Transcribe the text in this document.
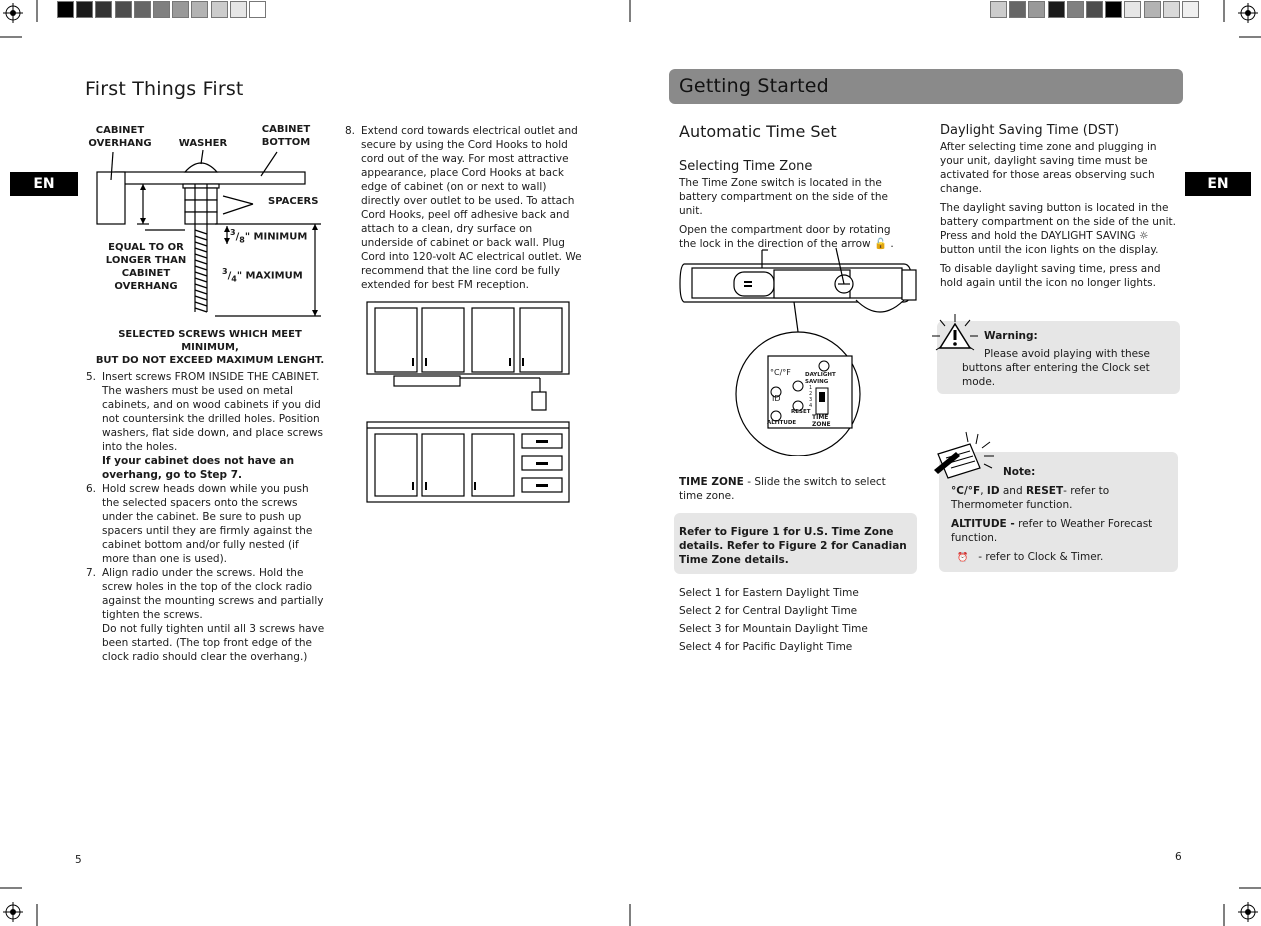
First Things First
EN
CABINET
OVERHANG	WASHER
CABINET
BOTTOM
SPACERS
EQUAL TO OR
LONGER THAN
CABINET
OVERHANG
$^3/_8$" MINIMUM
$^3/_4$" MAXIMUM
SELECTED SCREWS WHICH MEET MINIMUM,
BUT DO NOT EXCEED MAXIMUM LENGHT.
5. Insert screws FROM INSIDE THE CABINET. The washers must be used on metal cabinets, and on wood cabinets if you did not countersink the drilled holes. Position washers, flat side down, and place screws into the holes.
If your cabinet does not have an overhang, go to Step 7.
6. Hold screw heads down while you push the selected spacers onto the screws under the cabinet. Be sure to push up spacers until they are firmly against the cabinet bottom and/or fully nested (if more than one is used).
7. Align radio under the screws. Hold the screw holes in the top of the clock radio against the mounting screws and partially tighten the screws.
Do not fully tighten until all 3 screws have been started. (The top front edge of the clock radio should clear the overhang.)
8. Extend cord towards electrical outlet and secure by using the Cord Hooks to hold cord out of the way. For most attractive appearance, place Cord Hooks at back edge of cabinet (on or next to wall) directly over outlet to be used. To attach Cord Hooks, peel off adhesive back and attach to a clean, dry surface on underside of cabinet or back wall. Plug Cord into 120-volt AC electrical outlet. We recommend that the line cord be fully extended for best FM reception.
5
Getting Started
EN
Automatic Time Set
Selecting Time Zone

The Time Zone switch is located in the battery compartment on the side of the unit.

Open the compartment door by rotating the lock in the direction of the arrow 🔓 .

°C/°F	DAYLIGHT
SAVING
ID
RESET
ALTITUDE
TIME
ZONE
1
2
3
4
TIME ZONE - Slide the switch to select time zone.
Refer to Figure 1 for U.S. Time Zone details. Refer to Figure 2 for Canadian Time Zone details.
Select 1 for Eastern Daylight Time
Select 2 for Central Daylight Time
Select 3 for Mountain Daylight Time
Select 4 for Pacific Daylight Time
Daylight Saving Time (DST)

After selecting time zone and plugging in your unit, daylight saving time must be activated for those areas observing such change.

The daylight saving button is located in the battery compartment on the side of the unit. Press and hold the DAYLIGHT SAVING ☼ button until the icon lights on the display.

To disable daylight saving time, press and hold again until the icon no longer lights.

Warning:
Please avoid playing with these buttons after entering the Clock set mode.
Note:

°C/°F, ID and RESET- refer to Thermometer function.

ALTITUDE - refer to Weather Forecast function.

⏰ - refer to Clock & Timer.

6
